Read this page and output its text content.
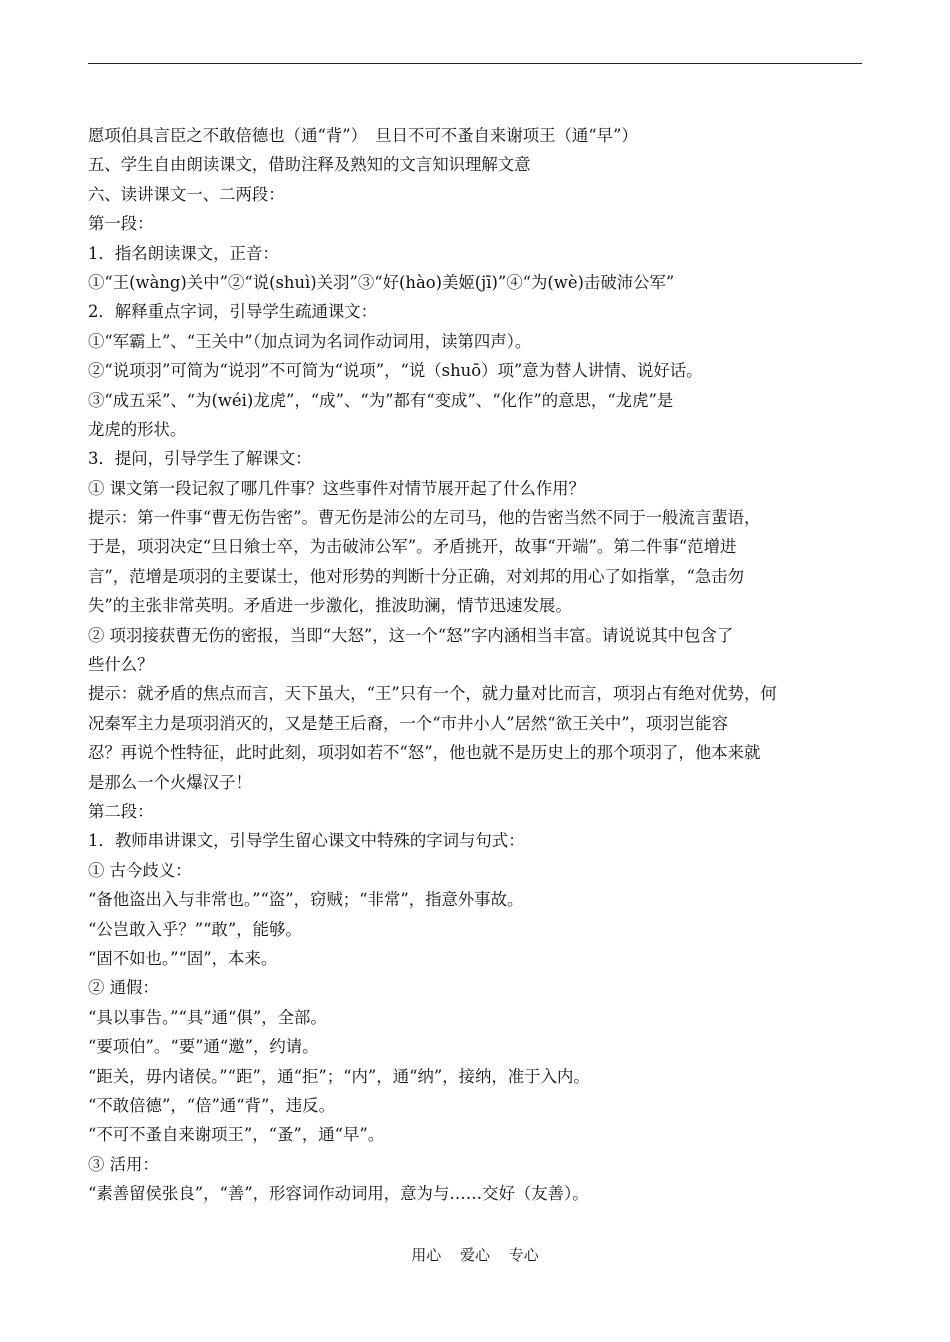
愿项伯具言臣之不敢倍德也（通“背”）　旦日不可不蚤自来谢项王（通“早”）
五、学生自由朗读课文，借助注释及熟知的文言知识理解文意
六、读讲课文一、二两段：
第一段：
1．指名朗读课文，正音：
①“王(wàng)关中”②“说(shuì)关羽”③“好(hào)美姬(jī)”④“为(wè)击破沛公军”
2．解释重点字词，引导学生疏通课文：
①“军霸上”、“王关中”（加点词为名词作动词用，读第四声）。
②“说项羽”可简为“说羽”不可简为“说项”，“说（shuō）项”意为替人讲情、说好话。
③“成五采”、“为(wéi)龙虎”，“成”、“为”都有“变成”、“化作”的意思，“龙虎”是
龙虎的形状。
3．提问，引导学生了解课文：
① 课文第一段记叙了哪几件事？这些事件对情节展开起了什么作用？
提示：第一件事“曹无伤告密”。曹无伤是沛公的左司马，他的告密当然不同于一般流言蜚语，
于是，项羽决定“旦日飨士卒，为击破沛公军”。矛盾挑开，故事“开端”。第二件事“范增进
言”，范增是项羽的主要谋士，他对形势的判断十分正确，对刘邦的用心了如指掌，“急击勿
失”的主张非常英明。矛盾进一步激化，推波助澜，情节迅速发展。
② 项羽接获曹无伤的密报，当即“大怒”，这一个“怒”字内涵相当丰富。请说说其中包含了
些什么？
提示：就矛盾的焦点而言，天下虽大，“王”只有一个，就力量对比而言，项羽占有绝对优势，何
况秦军主力是项羽消灭的，又是楚王后裔，一个“市井小人”居然“欲王关中”，项羽岂能容
忍？再说个性特征，此时此刻，项羽如若不“怒”，他也就不是历史上的那个项羽了，他本来就
是那么一个火爆汉子！
第二段：
1．教师串讲课文，引导学生留心课文中特殊的字词与句式：
① 古今歧义：
“备他盗出入与非常也。”“盗”，窃贼；“非常”，指意外事故。
“公岂敢入乎？”“敢”，能够。
“固不如也。”“固”，本来。
② 通假：
“具以事告。”“具”通“俱”，全部。
“要项伯”。“要”通“邀”，约请。
“距关，毋内诸侯。”“距”，通“拒”；“内”，通“纳”，接纳，准于入内。
“不敢倍德”，“倍”通“背”，违反。
“不可不蚤自来谢项王”，“蚤”，通“早”。
③ 活用：
“素善留侯张良”，“善”，形容词作动词用，意为与……交好（友善）。
用心 爱心 专心
